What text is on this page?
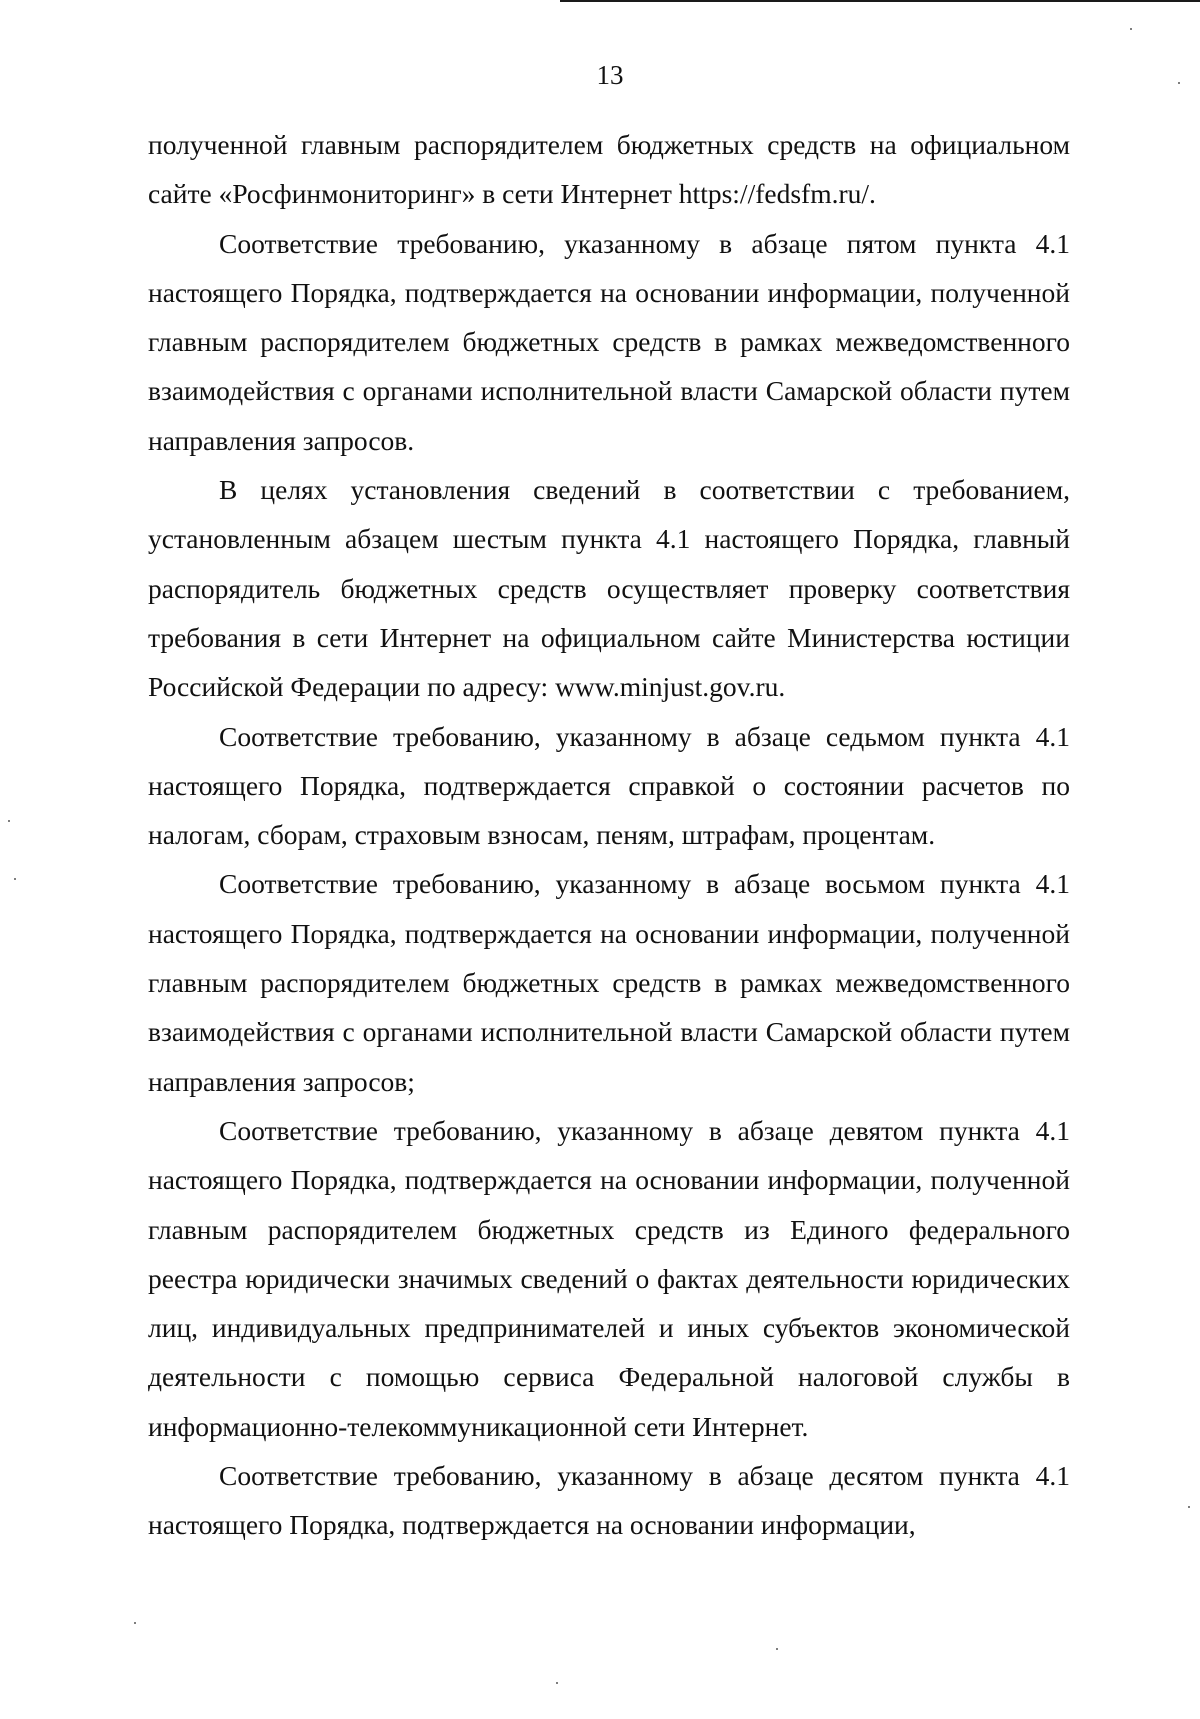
13

полученной главным распорядителем бюджетных средств на официальном сайте «Росфинмониторинг» в сети Интернет https://fedsfm.ru/.

Соответствие требованию, указанному в абзаце пятом пункта 4.1 настоящего Порядка, подтверждается на основании информации, полученной главным распорядителем бюджетных средств в рамках межведомственного взаимодействия с органами исполнительной власти Самарской области путем направления запросов.

В целях установления сведений в соответствии с требованием, установленным абзацем шестым пункта 4.1 настоящего Порядка, главный распорядитель бюджетных средств осуществляет проверку соответствия требования в сети Интернет на официальном сайте Министерства юстиции Российской Федерации по адресу: www.minjust.gov.ru.

Соответствие требованию, указанному в абзаце седьмом пункта 4.1 настоящего Порядка, подтверждается справкой о состоянии расчетов по налогам, сборам, страховым взносам, пеням, штрафам, процентам.

Соответствие требованию, указанному в абзаце восьмом пункта 4.1 настоящего Порядка, подтверждается на основании информации, полученной главным распорядителем бюджетных средств в рамках межведомственного взаимодействия с органами исполнительной власти Самарской области путем направления запросов;

Соответствие требованию, указанному в абзаце девятом пункта 4.1 настоящего Порядка, подтверждается на основании информации, полученной главным распорядителем бюджетных средств из Единого федерального реестра юридически значимых сведений о фактах деятельности юридических лиц, индивидуальных предпринимателей и иных субъектов экономической деятельности с помощью сервиса Федеральной налоговой службы в информационно-телекоммуникационной сети Интернет.

Соответствие требованию, указанному в абзаце десятом пункта 4.1 настоящего Порядка, подтверждается на основании информации,
